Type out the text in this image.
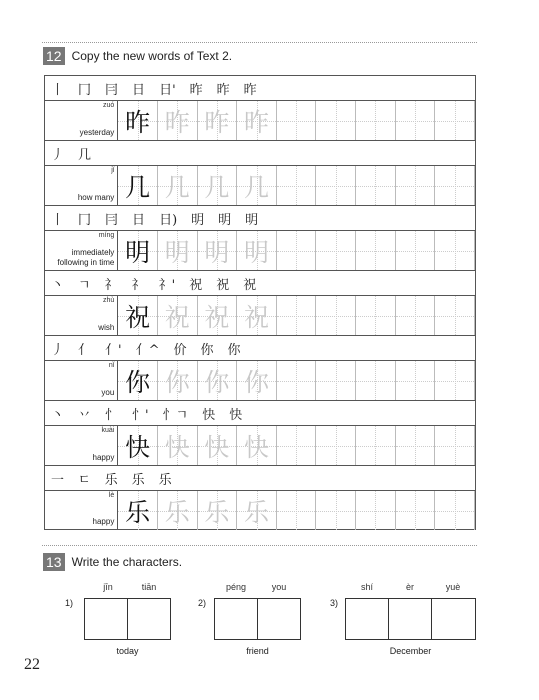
12 Copy the new words of Text 2.
丨 冂 冃 日 日' 昨 昨 昨
zuó
yesterday 昨 昨 昨 昨
丿 几
jǐ
how many 几 几 几 几
丨 冂 冃 日 日) 明 明 明
míng
immediately following in time 明 明 明 明
丶 ㄱ 礻 礻 礻' 祝 祝 祝
zhù
wish 祝 祝 祝 祝
丿 亻 亻' 亻^ 价 你 你
nǐ
you 你 你 你 你
丶 丷 忄 忄' 忄ㄱ 快 快
kuài
happy 快 快 快 快
一 ㄷ 乐 乐 乐
lè
happy 乐 乐 乐 乐
13 Write the characters.
jīn	tiān
1)
today
péng	you
2)
friend
shí	èr	yuè
3)
December
22
